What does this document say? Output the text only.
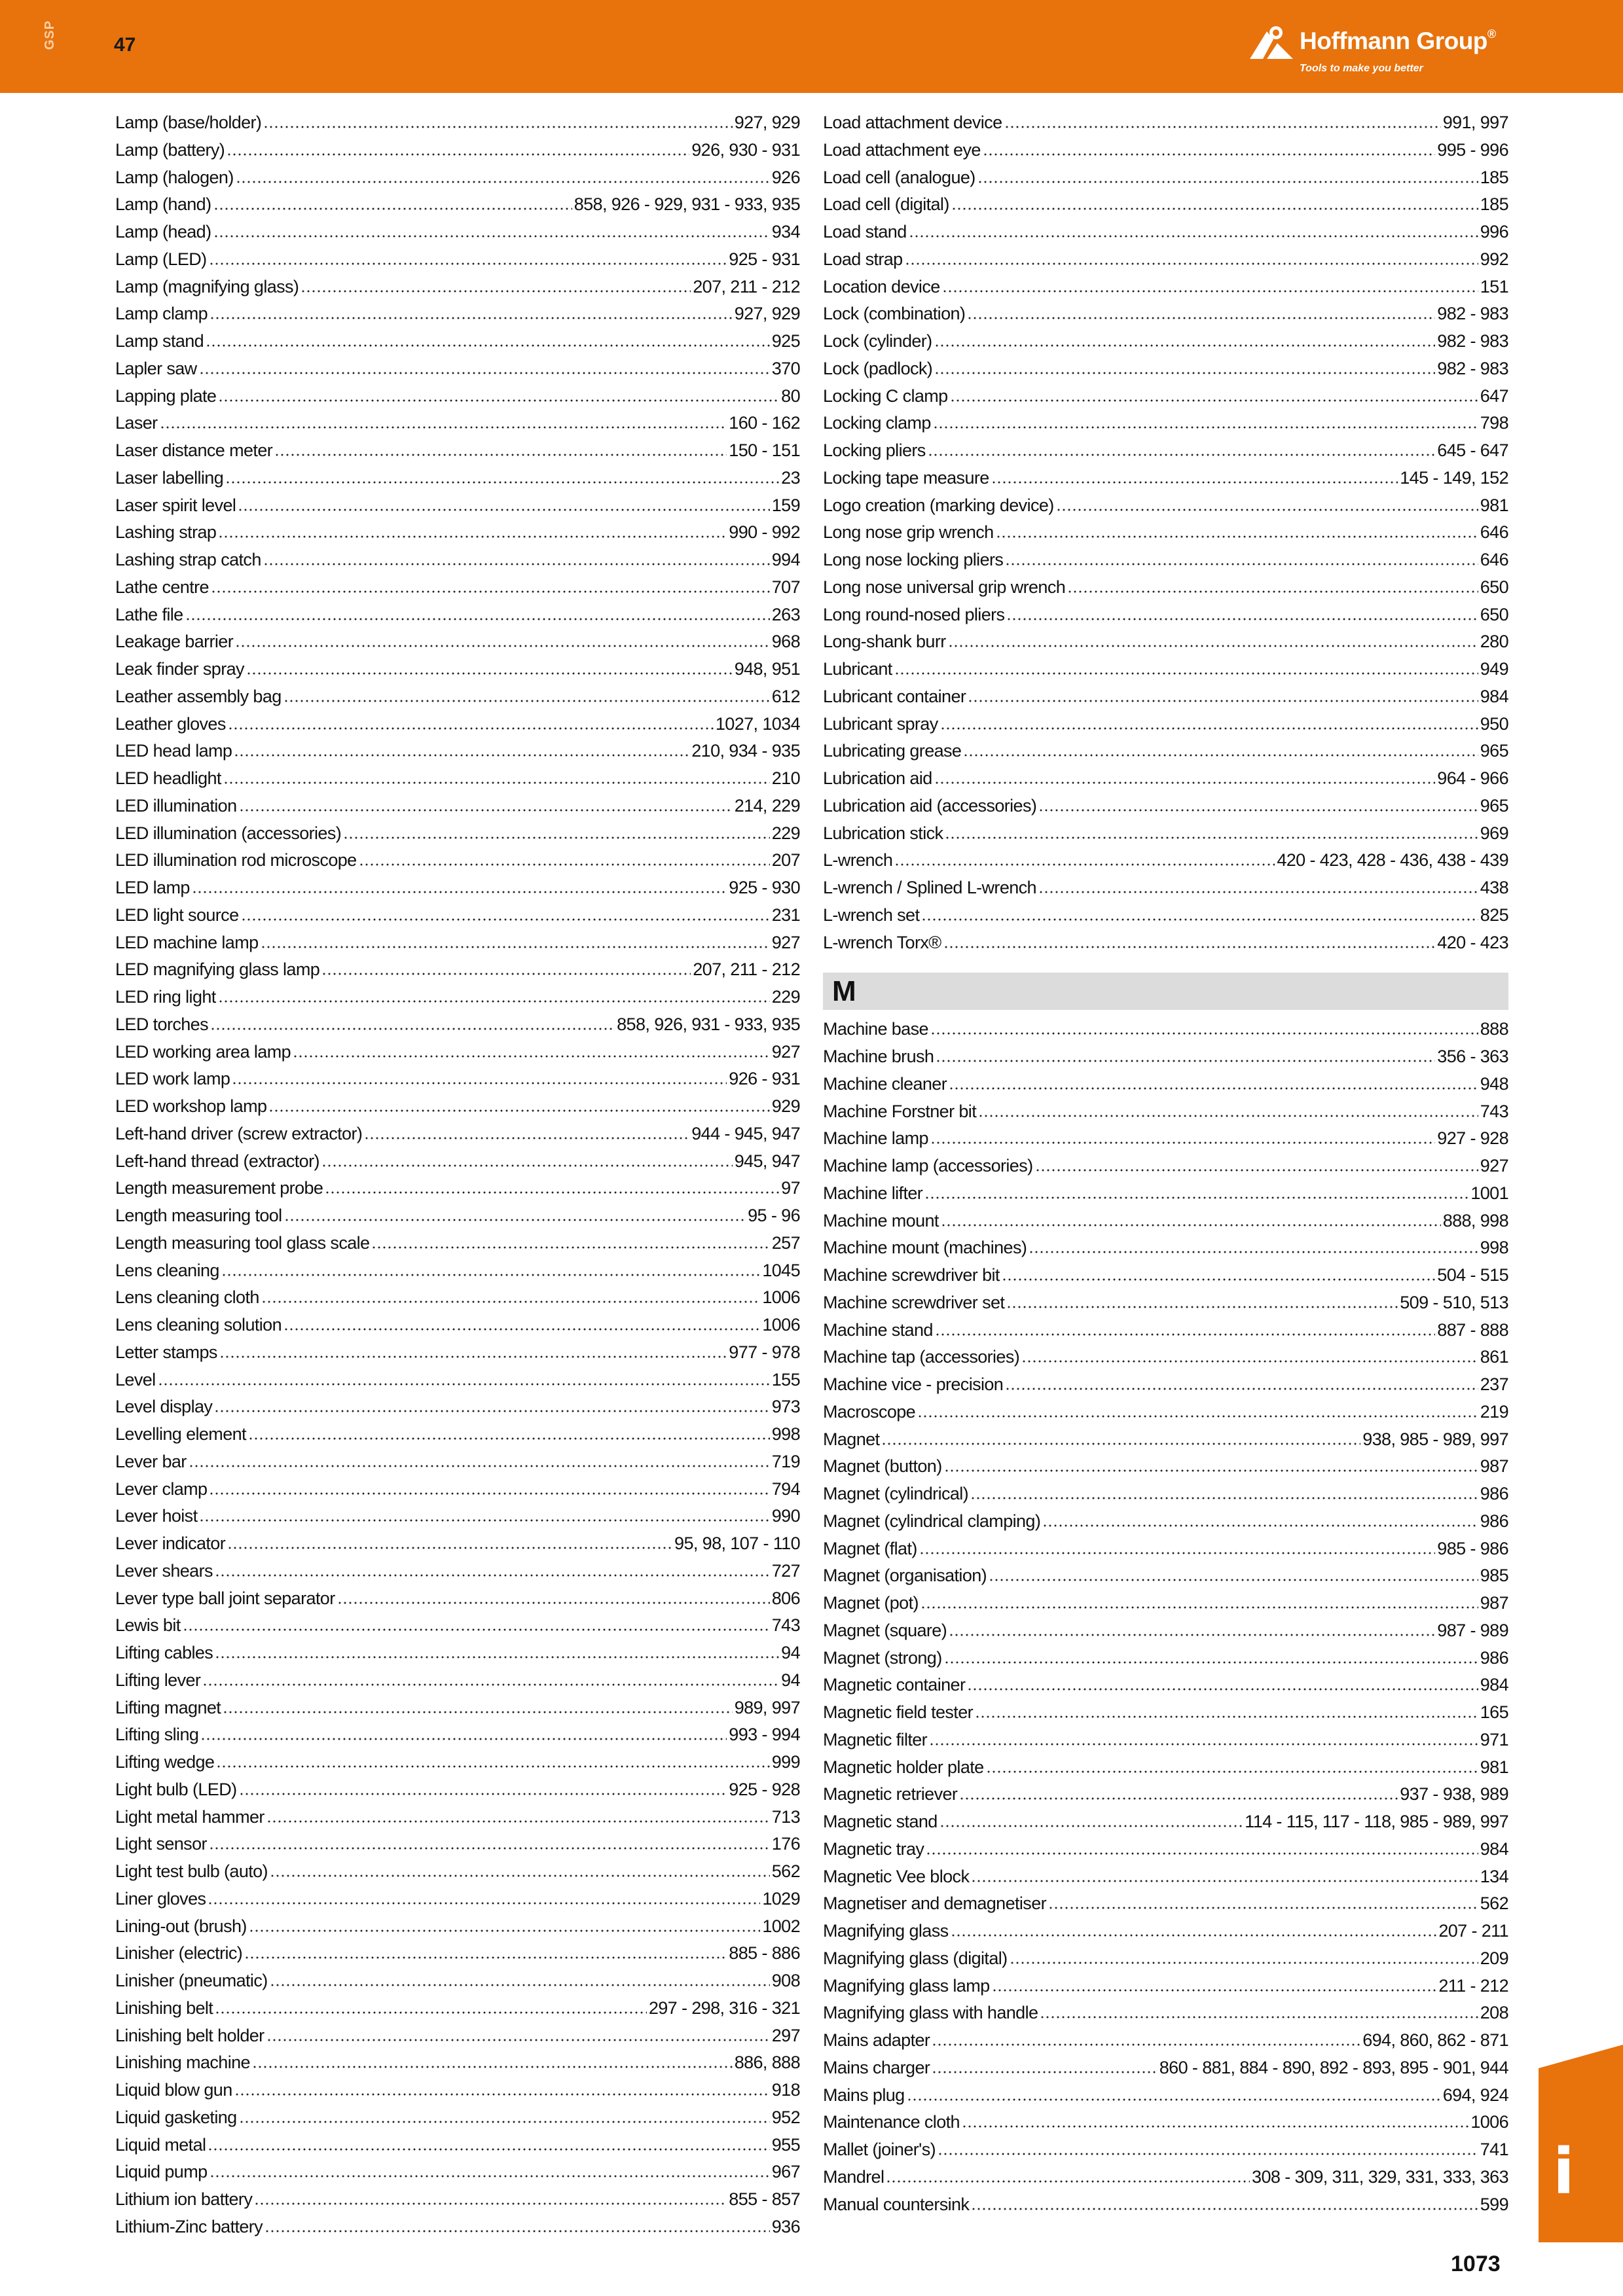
GSP	47	Hoffmann Group®
Tools to make you better
Lamp (base/holder)	927, 929
Lamp (battery)	926, 930 - 931
Lamp (halogen)	926
Lamp (hand)	858, 926 - 929, 931 - 933, 935
Lamp (head)	934
Lamp (LED)	925 - 931
Lamp (magnifying glass)	207, 211 - 212
Lamp clamp	927, 929
Lamp stand	925
Lapler saw	370
Lapping plate	80
Laser	160 - 162
Laser distance meter	150 - 151
Laser labelling	23
Laser spirit level	159
Lashing strap	990 - 992
Lashing strap catch	994
Lathe centre	707
Lathe file	263
Leakage barrier	968
Leak finder spray	948, 951
Leather assembly bag	612
Leather gloves	1027, 1034
LED head lamp	210, 934 - 935
LED headlight	210
LED illumination	214, 229
LED illumination (accessories)	229
LED illumination rod microscope	207
LED lamp	925 - 930
LED light source	231
LED machine lamp	927
LED magnifying glass lamp	207, 211 - 212
LED ring light	229
LED torches	858, 926, 931 - 933, 935
LED working area lamp	927
LED work lamp	926 - 931
LED workshop lamp	929
Left-hand driver (screw extractor)	944 - 945, 947
Left-hand thread (extractor)	945, 947
Length measurement probe	97
Length measuring tool	95 - 96
Length measuring tool glass scale	257
Lens cleaning	1045
Lens cleaning cloth	1006
Lens cleaning solution	1006
Letter stamps	977 - 978
Level	155
Level display	973
Levelling element	998
Lever bar	719
Lever clamp	794
Lever hoist	990
Lever indicator	95, 98, 107 - 110
Lever shears	727
Lever type ball joint separator	806
Lewis bit	743
Lifting cables	94
Lifting lever	94
Lifting magnet	989, 997
Lifting sling	993 - 994
Lifting wedge	999
Light bulb (LED)	925 - 928
Light metal hammer	713
Light sensor	176
Light test bulb (auto)	562
Liner gloves	1029
Lining-out (brush)	1002
Linisher (electric)	885 - 886
Linisher (pneumatic)	908
Linishing belt	297 - 298, 316 - 321
Linishing belt holder	297
Linishing machine	886, 888
Liquid blow gun	918
Liquid gasketing	952
Liquid metal	955
Liquid pump	967
Lithium ion battery	855 - 857
Lithium-Zinc battery	936
Load attachment device	991, 997
Load attachment eye	995 - 996
Load cell (analogue)	185
Load cell (digital)	185
Load stand	996
Load strap	992
Location device	151
Lock (combination)	982 - 983
Lock (cylinder)	982 - 983
Lock (padlock)	982 - 983
Locking C clamp	647
Locking clamp	798
Locking pliers	645 - 647
Locking tape measure	145 - 149, 152
Logo creation (marking device)	981
Long nose grip wrench	646
Long nose locking pliers	646
Long nose universal grip wrench	650
Long round-nosed pliers	650
Long-shank burr	280
Lubricant	949
Lubricant container	984
Lubricant spray	950
Lubricating grease	965
Lubrication aid	964 - 966
Lubrication aid (accessories)	965
Lubrication stick	969
L-wrench	420 - 423, 428 - 436, 438 - 439
L-wrench / Splined L-wrench	438
L-wrench set	825
L-wrench Torx®	420 - 423
M
Machine base	888
Machine brush	356 - 363
Machine cleaner	948
Machine Forstner bit	743
Machine lamp	927 - 928
Machine lamp (accessories)	927
Machine lifter	1001
Machine mount	888, 998
Machine mount (machines)	998
Machine screwdriver bit	504 - 515
Machine screwdriver set	509 - 510, 513
Machine stand	887 - 888
Machine tap (accessories)	861
Machine vice - precision	237
Macroscope	219
Magnet	938, 985 - 989, 997
Magnet (button)	987
Magnet (cylindrical)	986
Magnet (cylindrical clamping)	986
Magnet (flat)	985 - 986
Magnet (organisation)	985
Magnet (pot)	987
Magnet (square)	987 - 989
Magnet (strong)	986
Magnetic container	984
Magnetic field tester	165
Magnetic filter	971
Magnetic holder plate	981
Magnetic retriever	937 - 938, 989
Magnetic stand	114 - 115, 117 - 118, 985 - 989, 997
Magnetic tray	984
Magnetic Vee block	134
Magnetiser and demagnetiser	562
Magnifying glass	207 - 211
Magnifying glass (digital)	209
Magnifying glass lamp	211 - 212
Magnifying glass with handle	208
Mains adapter	694, 860, 862 - 871
Mains charger	860 - 881, 884 - 890, 892 - 893, 895 - 901, 944
Mains plug	694, 924
Maintenance cloth	1006
Mallet (joiner's)	741
Mandrel	308 - 309, 311, 329, 331, 333, 363
Manual countersink	599 i
1073
